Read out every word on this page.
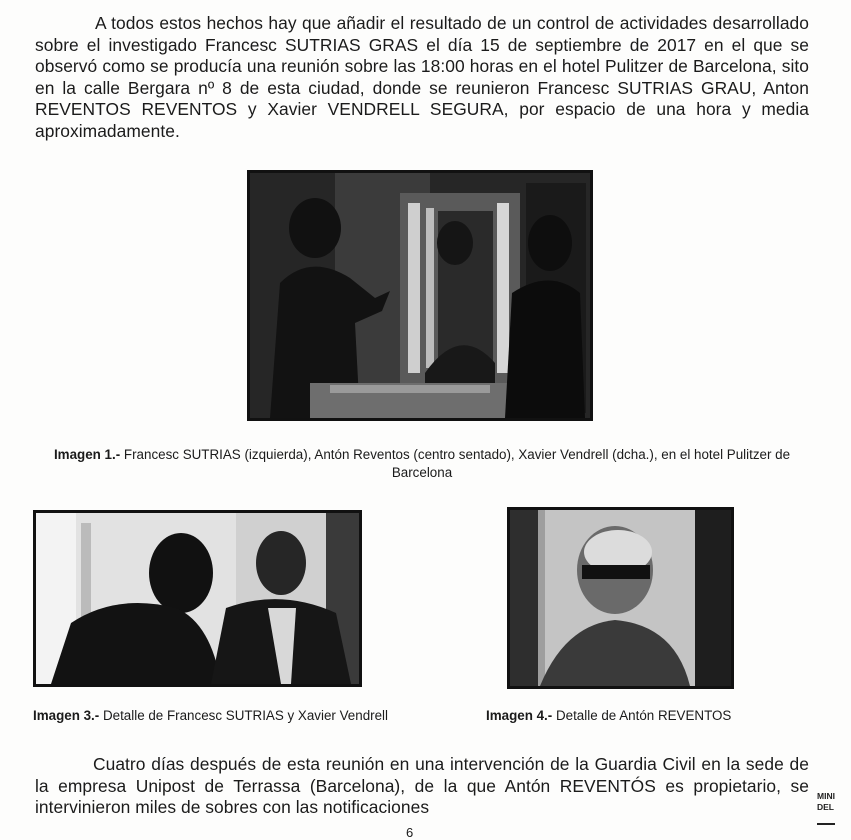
A todos estos hechos hay que añadir el resultado de un control de actividades desarrollado sobre el investigado Francesc SUTRIAS GRAS el día 15 de septiembre de 2017 en el que se observó como se producía una reunión sobre las 18:00 horas en el hotel Pulitzer de Barcelona, sito en la calle Bergara nº 8 de esta ciudad, donde se reunieron Francesc SUTRIAS GRAU, Anton REVENTOS REVENTOS y Xavier VENDRELL SEGURA, por espacio de una hora y media aproximadamente.
Imagen 1.- Francesc SUTRIAS (izquierda), Antón Reventos (centro sentado), Xavier Vendrell (dcha.), en el hotel Pulitzer de Barcelona
Imagen 3.- Detalle de Francesc SUTRIAS y Xavier Vendrell	Imagen 4.- Detalle de Antón REVENTOS
Cuatro días después de esta reunión en una intervención de la Guardia Civil en la sede de la empresa Unipost de Terrassa (Barcelona), de la que Antón REVENTÓS es propietario, se intervinieron miles de sobres con las notificaciones
6
MINI
DEL
